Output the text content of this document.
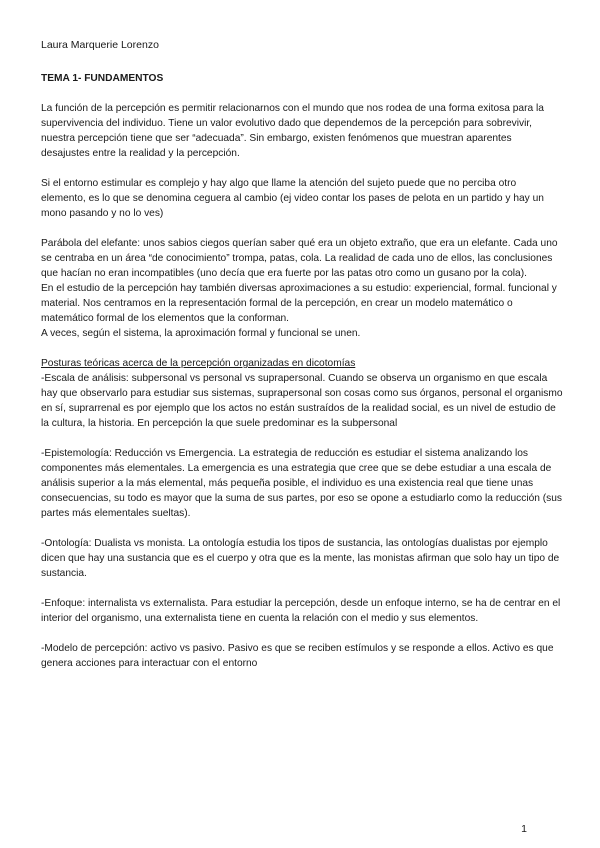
Laura Marquerie Lorenzo
TEMA 1- FUNDAMENTOS

La función de la percepción es permitir relacionarnos con el mundo que nos rodea de una forma exitosa para la supervivencia del individuo. Tiene un valor evolutivo dado que dependemos de la percepción para sobrevivir, nuestra percepción tiene que ser “adecuada”. Sin embargo, existen fenómenos que muestran aparentes desajustes entre la realidad y la percepción.

Si el entorno estimular es complejo y hay algo que llame la atención del sujeto puede que no perciba otro elemento, es lo que se denomina ceguera al cambio (ej video contar los pases de pelota en un partido y hay un mono pasando y no lo ves)

Parábola del elefante: unos sabios ciegos querían saber qué era un objeto extraño, que era un elefante. Cada uno se centraba en un área “de conocimiento” trompa, patas, cola. La realidad de cada uno de ellos, las conclusiones que hacían no eran incompatibles (uno decía que era fuerte por las patas otro como un gusano por la cola).

En el estudio de la percepción hay también diversas aproximaciones a su estudio: experiencial, formal. funcional y material. Nos centramos en la representación formal de la percepción, en crear un modelo matemático o matemático formal de los elementos que la conforman.

A veces, según el sistema, la aproximación formal y funcional se unen.

Posturas teóricas acerca de la percepción organizadas en dicotomías

-Escala de análisis: subpersonal vs personal vs suprapersonal. Cuando se observa un organismo en que escala hay que observarlo para estudiar sus sistemas, suprapersonal son cosas como sus órganos, personal el organismo en sí, suprarrenal es por ejemplo que los actos no están sustraídos de la realidad social, es un nivel de estudio de la cultura, la historia. En percepción la que suele predominar es la subpersonal

-Epistemología: Reducción vs Emergencia. La estrategia de reducción es estudiar el sistema analizando los componentes más elementales. La emergencia es una estrategia que cree que se debe estudiar a una escala de análisis superior a la más elemental, más pequeña posible, el individuo es una existencia real que tiene unas consecuencias, su todo es mayor que la suma de sus partes, por eso se opone a estudiarlo como la reducción (sus partes más elementales sueltas).

-Ontología: Dualista vs monista. La ontología estudia los tipos de sustancia, las ontologías dualistas por ejemplo dicen que hay una sustancia que es el cuerpo y otra que es la mente, las monistas afirman que solo hay un tipo de sustancia.

-Enfoque: internalista vs externalista. Para estudiar la percepción, desde un enfoque interno, se ha de centrar en el interior del organismo, una externalista tiene en cuenta la relación con el medio y sus elementos.

-Modelo de percepción: activo vs pasivo. Pasivo es que se reciben estímulos y se responde a ellos. Activo es que genera acciones para interactuar con el entorno

1
